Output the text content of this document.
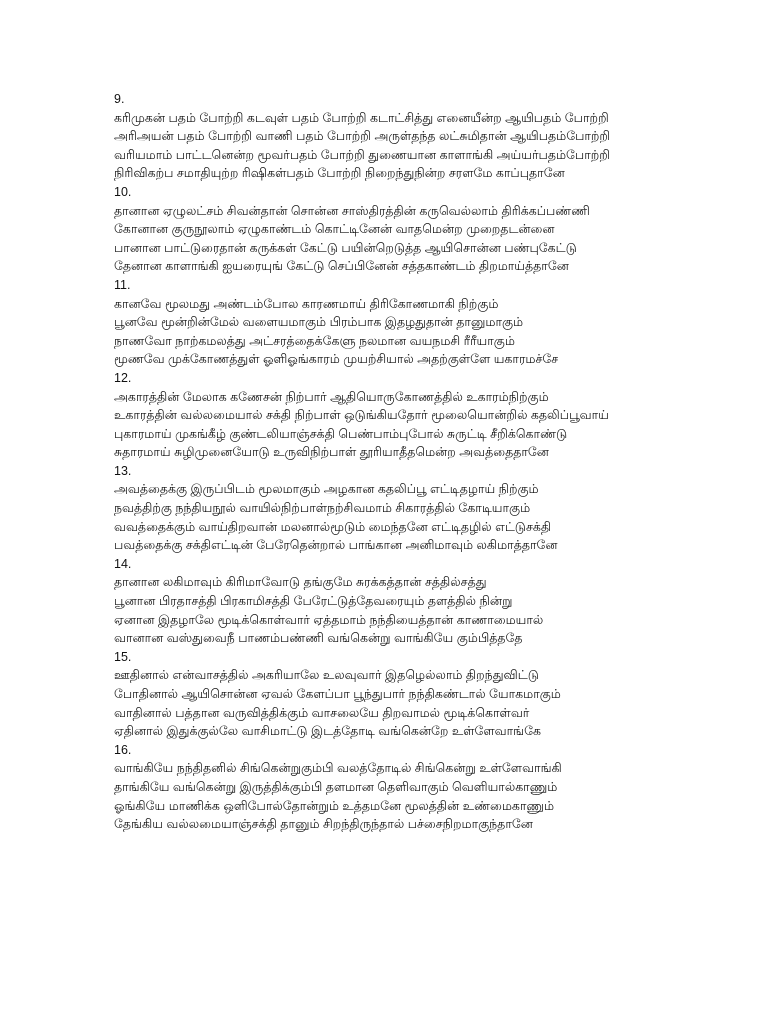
9.
கரிமுகன் பதம் போற்றி கடவுள் பதம் போற்றி கடாட்சித்து எனையீன்ற ஆயிபதம் போற்றி
அரிஅயன் பதம் போற்றி வாணி பதம் போற்றி அருள்தந்த லட்சுமிதான் ஆயிபதம்போற்றி
வரியமாம் பாட்டனென்ற மூவர்பதம் போற்றி துணையான காளாங்கி அய்யர்பதம்போற்றி
நிரிவிகற்ப சமாதியுற்ற ரிஷிகள்பதம் போற்றி நிறைந்துநின்ற சரளமே காப்புதானே
10.
தானான ஏழுலட்சம் சிவன்தான் சொன்ன சாஸ்திரத்தின் கருவெல்லாம் திரிக்கப்பண்ணி
கோனான குருநூலாம் ஏழுகாண்டம் கொட்டினேன் வாதமென்ற முறைதடன்னை
பானான பாட்டுரைதான் கருக்கள் கேட்டு பயின்றெடுத்த ஆயிசொன்ன பண்புகேட்டு
தேனான காளாங்கி ஐயரையுங் கேட்டு செப்பினேன் சத்தகாண்டம் திறமாய்த்தானே
11.
கானவே மூலமது அண்டம்போல காரணமாய் திரிகோணமாகி நிற்கும்
பூனவே மூன்றின்மேல் வளையமாகும் பிரம்பாக இதழதுதான் தானுமாகும்
நாணவோ நாற்கமலத்து அட்சரத்தைக்கேளு நலமான வயநமசி ரீரீயாகும்
மூணவே முக்கோணத்துள் ஓளிஓங்காரம் முயற்சியால் அதற்குள்ளே யகாரமச்சே
12.
அகாரத்தின் மேலாக கணேசன் நிற்பார் ஆதியொருகோணத்தில் உகாரம்நிற்கும்
உகாரத்தின் வல்லமையால் சக்தி நிற்பாள் ஒடுங்கியதோர் மூலையொன்றில் கதலிப்பூவாய்
புகாரமாய் முகங்கீழ் குண்டலியாஞ்சக்தி பெண்பாம்புபோல் சுருட்டி சீறிக்கொண்டு
சுதாரமாய் சுழிமுனையோடு உருவிநிற்பாள் தூரியாதீதமென்ற அவத்தைதானே
13.
அவத்தைக்கு இருப்பிடம் மூலமாகும் அழகான கதலிப்பூ எட்டிதழாய் நிற்கும்
நவத்திற்கு நந்தியநூல் வாயில்நிற்பாள்நற்சிவமாம் சிகாரத்தில் கோடியாகும்
வவத்தைக்கும் வாய்திறவான் மலனால்மூடும் மைந்தனே எட்டிதழில் எட்டுசக்தி
பவத்தைக்கு சக்திஎட்டின் பேரேதென்றால் பாங்கான அனிமாவும் லகிமாத்தானே
14.
தானான லகிமாவும் கிரிமாவோடு தங்குமே சுரக்கத்தான் சத்தில்சத்து
பூனான பிரதாசத்தி பிரகாமிசத்தி பேரேட்டுத்தேவரையும் தளத்தில் நின்று
ஏனான இதழாலே மூடிக்கொள்வார் ஏத்தமாம் நந்தியைத்தான் காணாமையால்
வானான வஸ்துவைநீ பாணம்பண்ணி வங்கென்று வாங்கியே கும்பித்ததே
15.
ஊதினால் என்வாசத்தில் அகரியாலே உலவுவார் இதழெல்லாம் திறந்துவிட்டு
போதினால் ஆயிசொன்ன ஏவல் கேளப்பா பூந்துபார் நந்திகண்டால் யோகமாகும்
வாதினால் பத்தான வருவித்திக்கும் வாசலையே திறவாமல் மூடிக்கொள்வர்
ஏதினால் இதுக்குல்லே வாசிமாட்டு இடத்தோடி வங்கென்றே உள்ளேவாங்கே
16.
வாங்கியே நந்திதனில் சிங்கென்றுகும்பி வலத்தோடில் சிங்கென்று உள்ளேவாங்கி
தாங்கியே வங்கென்று இருத்திக்கும்பி தளமான தெளிவாகும் வெளியால்காணும்
ஓங்கியே மாணிக்க ஒளிபோல்தோன்றும் உத்தமனே மூலத்தின் உண்மைகாணும்
தேங்கிய வல்லமையாஞ்சக்தி தானும் சிறந்திருந்தால் பச்சைநிறமாகுந்தானே
